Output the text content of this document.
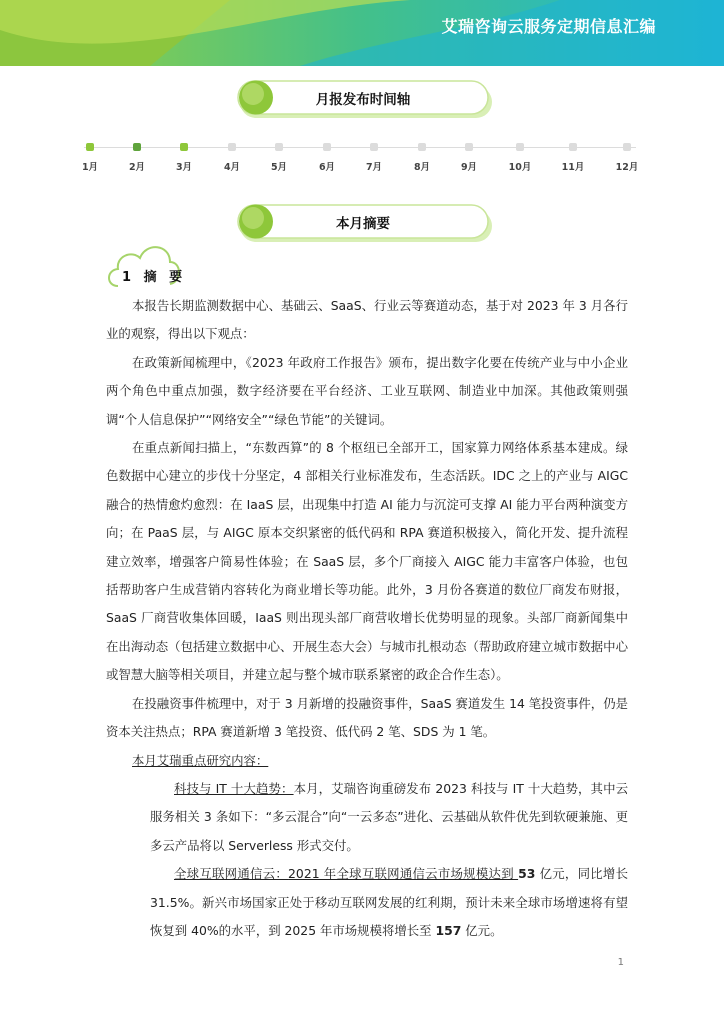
艾瑞咨询云服务定期信息汇编
月报发布时间轴
1月	2月	3月	4月	5月	6月	7月	8月	9月	10月	11月	12月
本月摘要
1 摘 要

本报告长期监测数据中心、基础云、SaaS、行业云等赛道动态，基于对 2023 年 3 月各行业的观察，得出以下观点：

在政策新闻梳理中，《2023 年政府工作报告》颁布，提出数字化要在传统产业与中小企业两个角色中重点加强，数字经济要在平台经济、工业互联网、制造业中加深。其他政策则强调“个人信息保护”“网络安全”“绿色节能”的关键词。

在重点新闻扫描上，“东数西算”的 8 个枢纽已全部开工，国家算力网络体系基本建成。绿色数据中心建立的步伐十分坚定，4 部相关行业标准发布，生态活跃。IDC 之上的产业与 AIGC 融合的热情愈灼愈烈：在 IaaS 层，出现集中打造 AI 能力与沉淀可支撑 AI 能力平台两种演变方向；在 PaaS 层，与 AIGC 原本交织紧密的低代码和 RPA 赛道积极接入，简化开发、提升流程建立效率，增强客户简易性体验；在 SaaS 层，多个厂商接入 AIGC 能力丰富客户体验，也包括帮助客户生成营销内容转化为商业增长等功能。此外，3 月份各赛道的数位厂商发布财报，SaaS 厂商营收集体回暖，IaaS 则出现头部厂商营收增长优势明显的现象。头部厂商新闻集中在出海动态（包括建立数据中心、开展生态大会）与城市扎根动态（帮助政府建立城市数据中心或智慧大脑等相关项目，并建立起与整个城市联系紧密的政企合作生态）。

在投融资事件梳理中，对于 3 月新增的投融资事件，SaaS 赛道发生 14 笔投资事件，仍是资本关注热点；RPA 赛道新增 3 笔投资、低代码 2 笔、SDS 为 1 笔。

本月艾瑞重点研究内容：

科技与 IT 十大趋势：本月，艾瑞咨询重磅发布 2023 科技与 IT 十大趋势，其中云服务相关 3 条如下：“多云混合”向“一云多态”进化、云基础从软件优先到软硬兼施、更多云产品将以 Serverless 形式交付。

全球互联网通信云：2021 年全球互联网通信云市场规模达到 53 亿元，同比增长 31.5%。新兴市场国家正处于移动互联网发展的红利期，预计未来全球市场增速将有望恢复到 40%的水平，到 2025 年市场规模将增长至 157 亿元。

1
